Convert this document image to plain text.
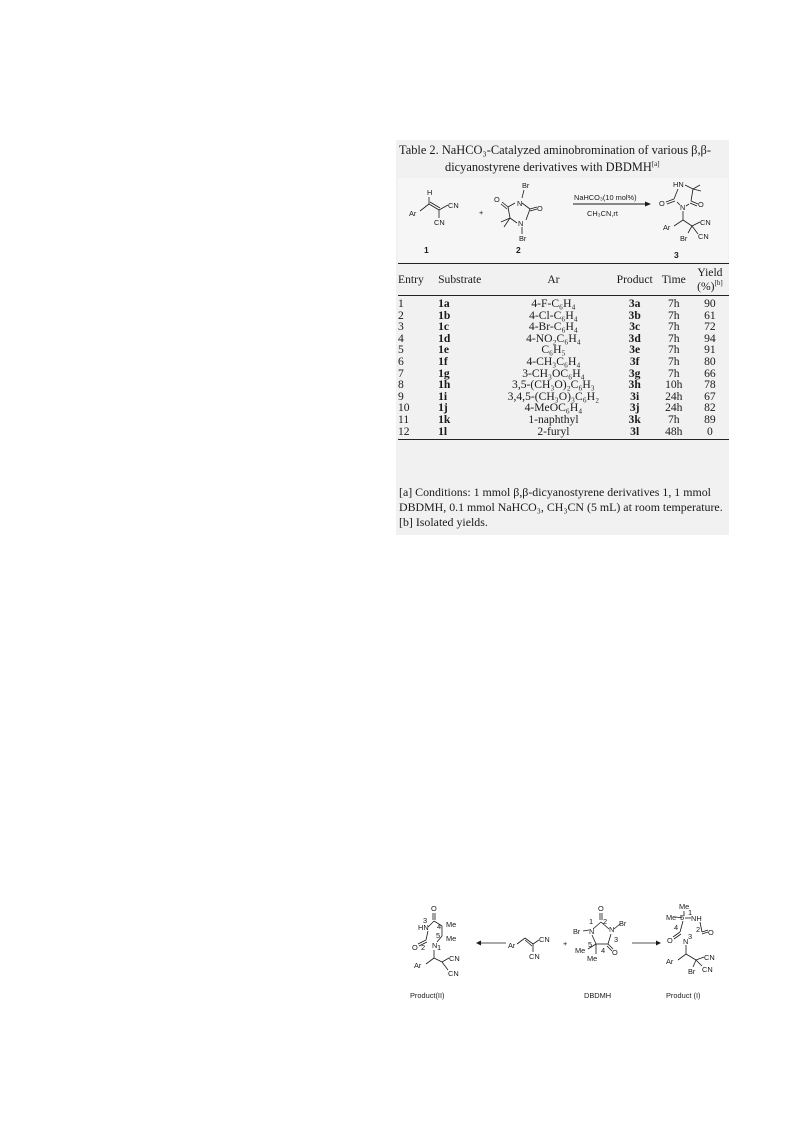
Table 2. NaHCO₃-Catalyzed aminobromination of various β,β-
dicyanostyrene derivatives with DBDMH[a]
H
Ar
CN
CN
1
+
Br
N
O
O
N
Br
2
NaHCO₃(10 mol%)
CH₃CN,rt
HN
O	O
N
Ar
CN
CN
Br
3
Entry	Substrate	Ar	Product	Time	Yield
(%)[b]
1	1a	4-F-C₆H₄	3a	7h	90
2	1b	4-Cl-C₆H₄	3b	7h	61
3	1c	4-Br-C₆H₄	3c	7h	72
4	1d	4-NO₂C₆H₄	3d	7h	94
5	1e	C₆H₅	3e	7h	91
6	1f	4-CH₃C₆H₄	3f	7h	80
7	1g	3-CH₃OC₆H₄	3g	7h	66
8	1h	3,5-(CH₃O)₂C₆H₃	3h	10h	78
9	1i	3,4,5-(CH₃O)₃C₆H₂	3i	24h	67
10	1j	4-MeOC₆H₄	3j	24h	82
11	1k	1-naphthyl	3k	7h	89
12	1l	2-furyl	3l	48h	0
[a] Conditions: 1 mmol β,β-dicyanostyrene derivatives 1, 1 mmol DBDMH, 0.1 mmol NaHCO₃, CH₃CN (5 mL) at room temperature. [b] Isolated yields.
O
3
HN 4 Me
5 Me
O 2 N 1
Ar
CN
CN
Product(II)
Ar
CN
CN
+
O
2
1
Br N N
Br
3
5
4 O
Me
Me
DBDMH
Me
1
Me 5 NH
4 2 O
O 3
N
Ar	CN
CN
Br
Product (I)
